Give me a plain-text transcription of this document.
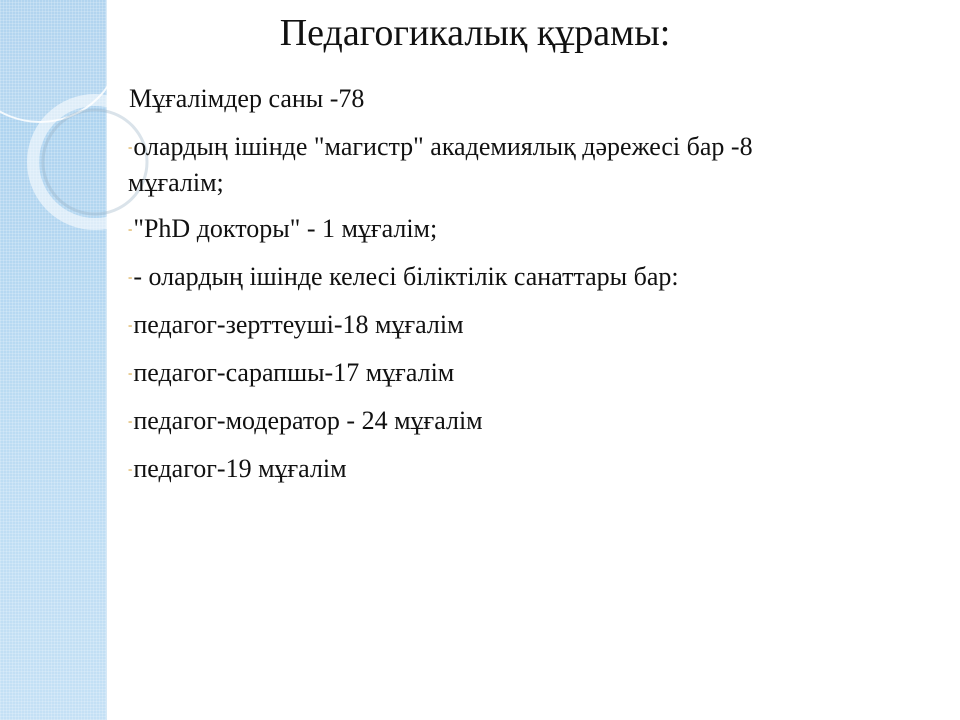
Педагогикалық құрамы:
Мұғалімдер саны -78
-олардың ішінде "магистр" академиялық дәрежесі бар -8 мұғалім;
-"PhD докторы" - 1 мұғалім;
-- олардың ішінде келесі біліктілік санаттары бар:
-педагог-зерттеуші-18 мұғалім
-педагог-сарапшы-17 мұғалім
-педагог-модератор - 24 мұғалім
-педагог-19 мұғалім
